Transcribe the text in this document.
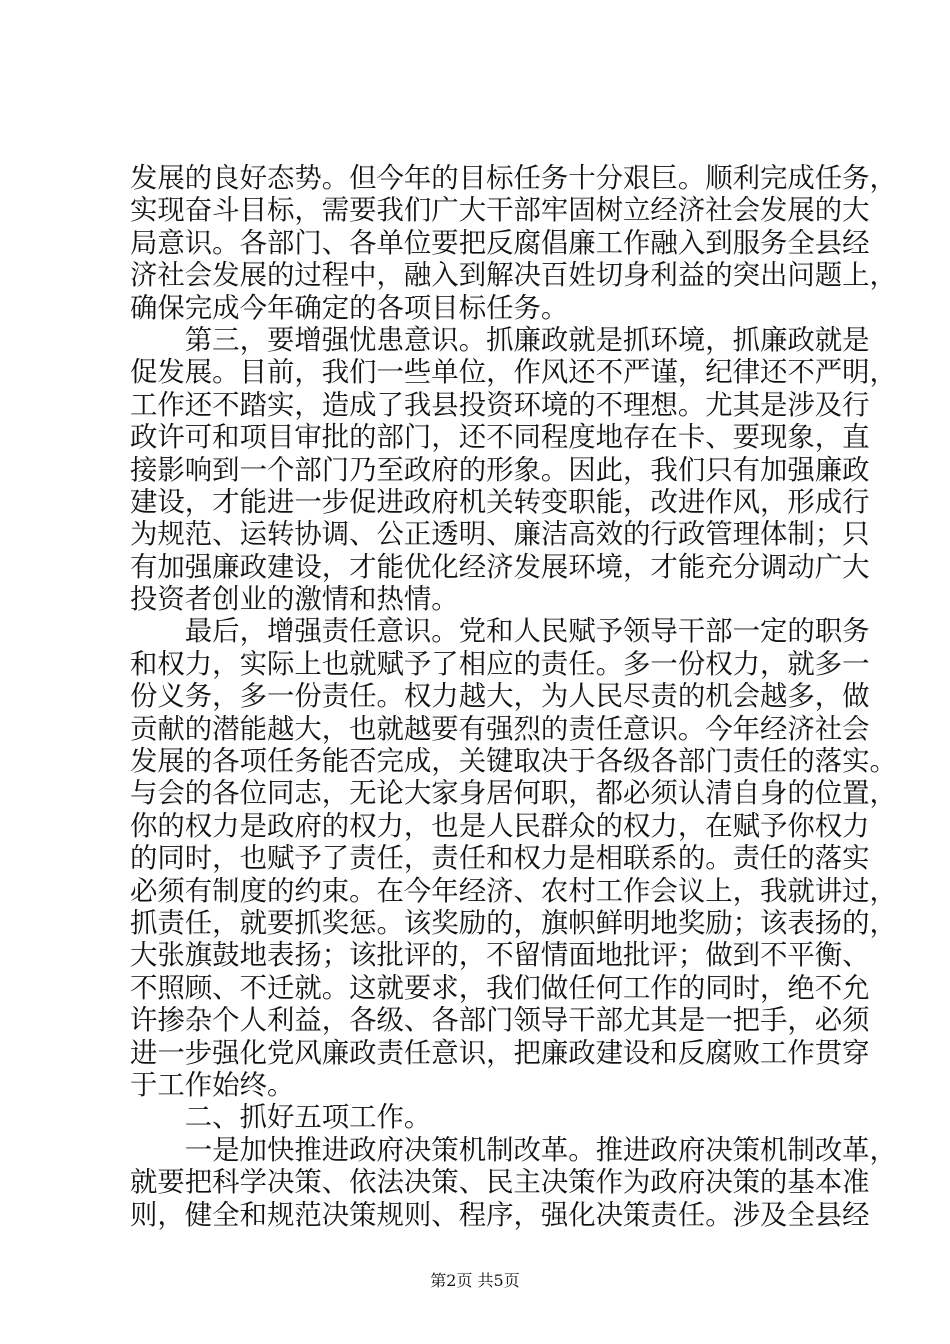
发展的良好态势。但今年的目标任务十分艰巨。顺利完成任务，
实现奋斗目标，需要我们广大干部牢固树立经济社会发展的大
局意识。各部门、各单位要把反腐倡廉工作融入到服务全县经
济社会发展的过程中，融入到解决百姓切身利益的突出问题上，
确保完成今年确定的各项目标任务。
　　第三，要增强忧患意识。抓廉政就是抓环境，抓廉政就是
促发展。目前，我们一些单位，作风还不严谨，纪律还不严明，
工作还不踏实，造成了我县投资环境的不理想。尤其是涉及行
政许可和项目审批的部门，还不同程度地存在卡、要现象，直
接影响到一个部门乃至政府的形象。因此，我们只有加强廉政
建设，才能进一步促进政府机关转变职能，改进作风，形成行
为规范、运转协调、公正透明、廉洁高效的行政管理体制；只
有加强廉政建设，才能优化经济发展环境，才能充分调动广大
投资者创业的激情和热情。
　　最后，增强责任意识。党和人民赋予领导干部一定的职务
和权力，实际上也就赋予了相应的责任。多一份权力，就多一
份义务，多一份责任。权力越大，为人民尽责的机会越多，做
贡献的潜能越大，也就越要有强烈的责任意识。今年经济社会
发展的各项任务能否完成，关键取决于各级各部门责任的落实。
与会的各位同志，无论大家身居何职，都必须认清自身的位置，
你的权力是政府的权力，也是人民群众的权力，在赋予你权力
的同时，也赋予了责任，责任和权力是相联系的。责任的落实
必须有制度的约束。在今年经济、农村工作会议上，我就讲过，
抓责任，就要抓奖惩。该奖励的，旗帜鲜明地奖励；该表扬的，
大张旗鼓地表扬；该批评的，不留情面地批评；做到不平衡、
不照顾、不迁就。这就要求，我们做任何工作的同时，绝不允
许掺杂个人利益，各级、各部门领导干部尤其是一把手，必须
进一步强化党风廉政责任意识，把廉政建设和反腐败工作贯穿
于工作始终。
　　二、抓好五项工作。
　　一是加快推进政府决策机制改革。推进政府决策机制改革，
就要把科学决策、依法决策、民主决策作为政府决策的基本准
则，健全和规范决策规则、程序，强化决策责任。涉及全县经
第2页 共5页
